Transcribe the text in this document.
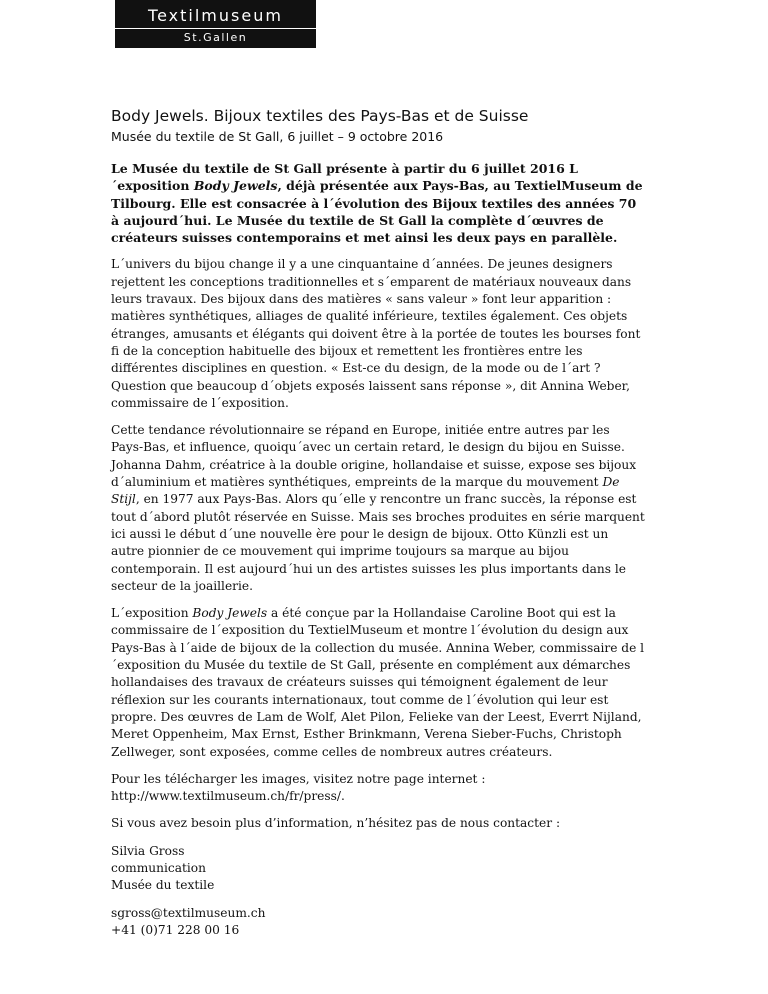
Textilmuseum
St.Gallen
Body Jewels. Bijoux textiles des Pays-Bas et de Suisse
Musée du textile de St Gall, 6 juillet – 9 octobre 2016

Le Musée du textile de St Gall présente à partir du 6 juillet 2016 L´exposition Body Jewels, déjà présentée aux Pays-Bas, au TextielMuseum de Tilbourg. Elle est consacrée à l´évolution des Bijoux textiles des années 70 à aujourd´hui. Le Musée du textile de St Gall la complète d´œuvres de créateurs suisses contemporains et met ainsi les deux pays en parallèle.

L´univers du bijou change il y a une cinquantaine d´années. De jeunes designers rejettent les conceptions traditionnelles et s´emparent de matériaux nouveaux dans leurs travaux. Des bijoux dans des matières « sans valeur » font leur apparition : matières synthétiques, alliages de qualité inférieure, textiles également. Ces objets étranges, amusants et élégants qui doivent être à la portée de toutes les bourses font fi de la conception habituelle des bijoux et remettent les frontières entre les différentes disciplines en question. « Est-ce du design, de la mode ou de l´art ? Question que beaucoup d´objets exposés laissent sans réponse », dit Annina Weber, commissaire de l´exposition.

Cette tendance révolutionnaire se répand en Europe, initiée entre autres par les Pays-Bas, et influence, quoiqu´avec un certain retard, le design du bijou en Suisse. Johanna Dahm, créatrice à la double origine, hollandaise et suisse, expose ses bijoux d´aluminium et matières synthétiques, empreints de la marque du mouvement De Stijl, en 1977 aux Pays-Bas. Alors qu´elle y rencontre un franc succès, la réponse est tout d´abord plutôt réservée en Suisse. Mais ses broches produites en série marquent ici aussi le début d´une nouvelle ère pour le design de bijoux. Otto Künzli est un autre pionnier de ce mouvement qui imprime toujours sa marque au bijou contemporain. Il est aujourd´hui un des artistes suisses les plus importants dans le secteur de la joaillerie.

L´exposition Body Jewels a été conçue par la Hollandaise Caroline Boot qui est la commissaire de l´exposition du TextielMuseum et montre l´évolution du design aux Pays-Bas à l´aide de bijoux de la collection du musée. Annina Weber, commissaire de l´exposition du Musée du textile de St Gall, présente en complément aux démarches hollandaises des travaux de créateurs suisses qui témoignent également de leur réflexion sur les courants internationaux, tout comme de l´évolution qui leur est propre. Des œuvres de Lam de Wolf, Alet Pilon, Felieke van der Leest, Everrt Nijland, Meret Oppenheim, Max Ernst, Esther Brinkmann, Verena Sieber-Fuchs, Christoph Zellweger, sont exposées, comme celles de nombreux autres créateurs.

Pour les télécharger les images, visitez notre page internet :
http://www.textilmuseum.ch/fr/press/.
Si vous avez besoin plus d’information, n’hésitez pas de nous contacter :
Silvia Gross
communication
Musée du textile
sgross@textilmuseum.ch
+41 (0)71 228 00 16
